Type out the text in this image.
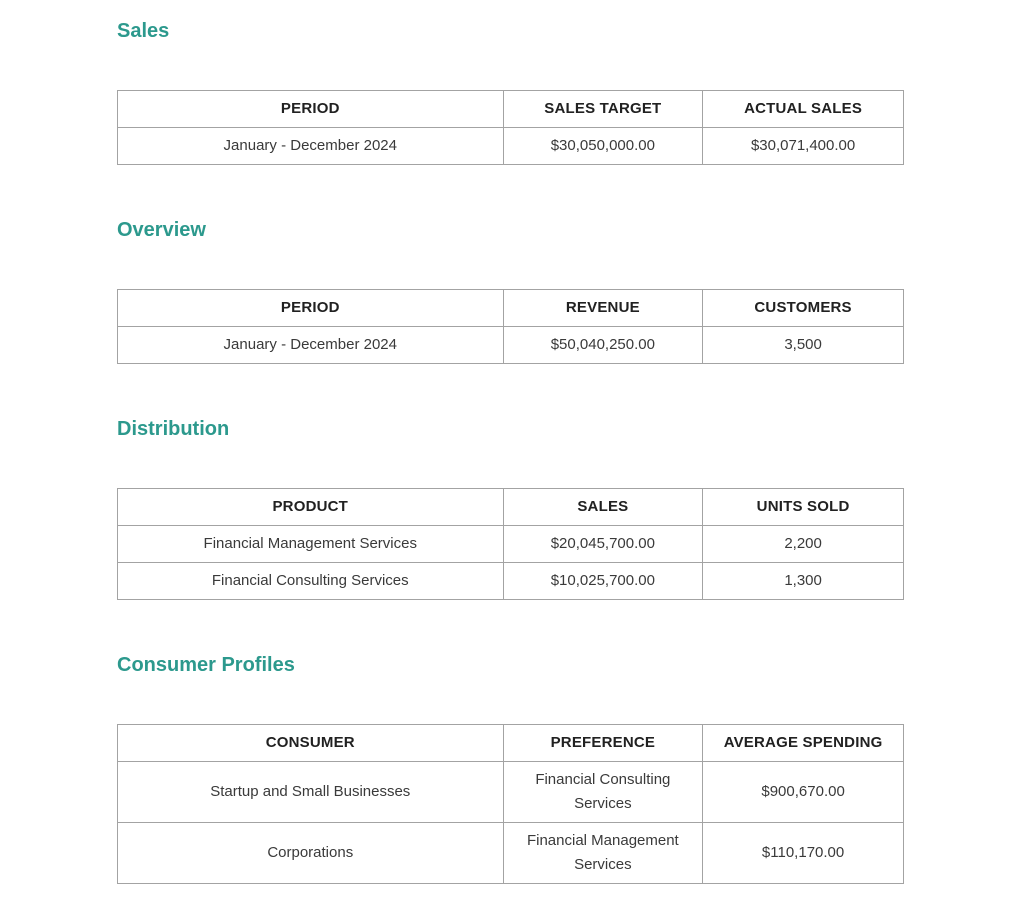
Sales
PERIOD	SALES TARGET	ACTUAL SALES
January - December 2024	$30,050,000.00	$30,071,400.00
Overview
PERIOD	REVENUE	CUSTOMERS
January - December 2024	$50,040,250.00	3,500
Distribution
PRODUCT	SALES	UNITS SOLD
Financial Management Services	$20,045,700.00	2,200
Financial Consulting Services	$10,025,700.00	1,300
Consumer Profiles
CONSUMER	PREFERENCE	AVERAGE SPENDING
Startup and Small Businesses	Financial Consulting Services	$900,670.00
Corporations	Financial Management Services	$110,170.00
